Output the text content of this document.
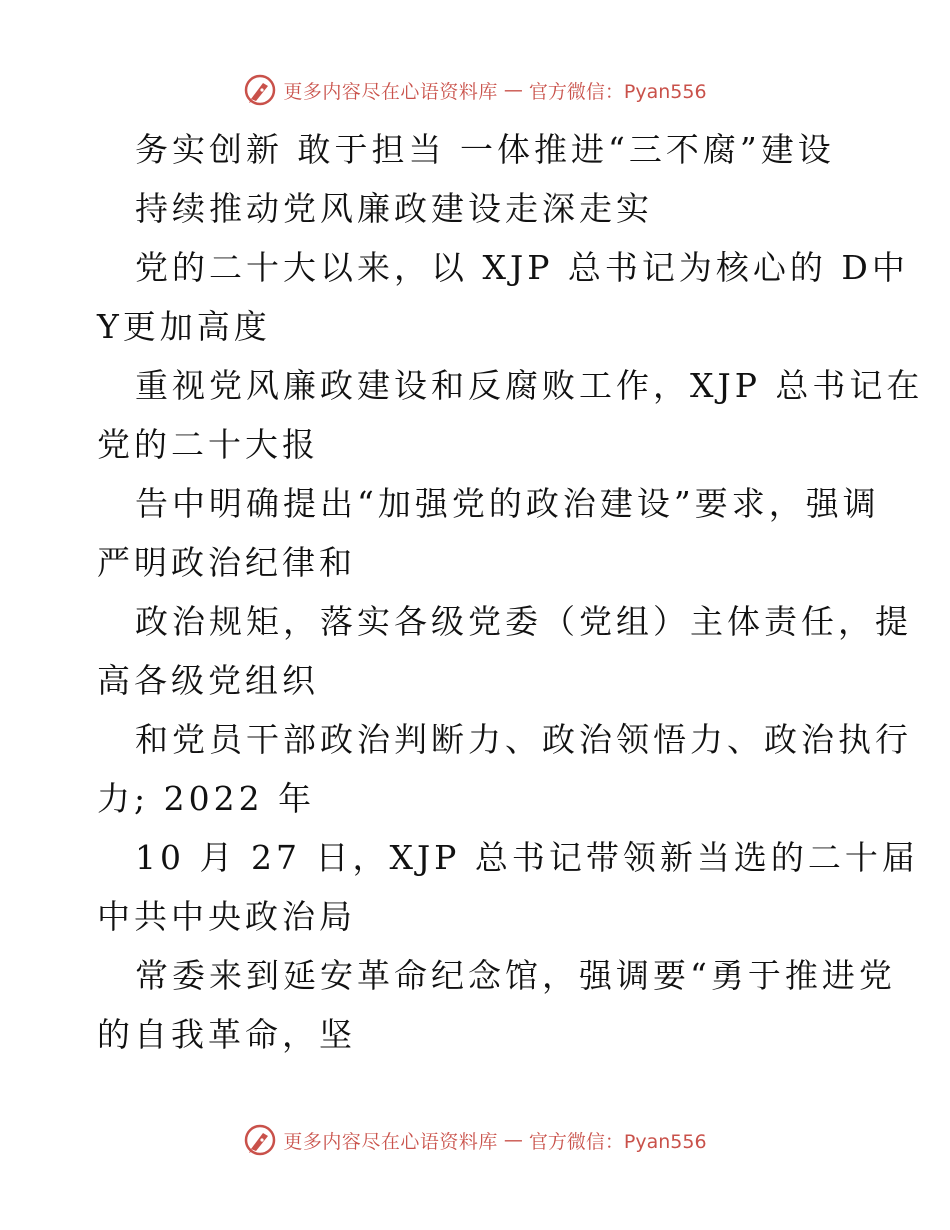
更多内容尽在心语资料库 — 官方微信：Pyan556
务实创新 敢于担当 一体推进“三不腐”建设
持续推动党风廉政建设走深走实
党的二十大以来，以 XJP 总书记为核心的 D中
Y更加高度
重视党风廉政建设和反腐败工作，XJP 总书记在
党的二十大报
告中明确提出“加强党的政治建设”要求，强调
严明政治纪律和
政治规矩，落实各级党委（党组）主体责任，提
高各级党组织
和党员干部政治判断力、政治领悟力、政治执行
力; 2022 年
10 月 27 日，XJP 总书记带领新当选的二十届
中共中央政治局
常委来到延安革命纪念馆，强调要“勇于推进党
的自我革命，坚
更多内容尽在心语资料库 — 官方微信：Pyan556
